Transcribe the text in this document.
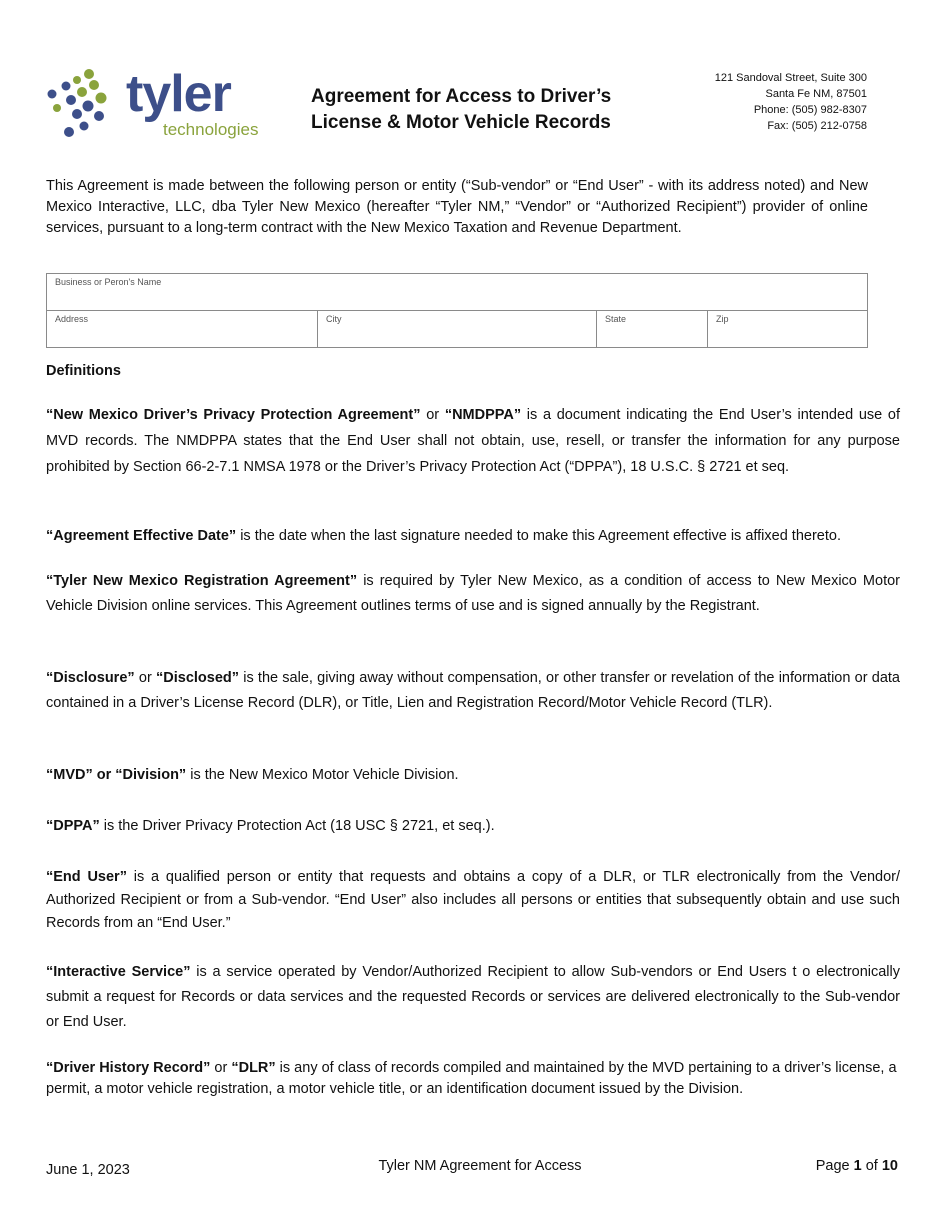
tyler
technologies
Agreement for Access to Driver’s
License & Motor Vehicle Records
121 Sandoval Street, Suite 300
Santa Fe NM, 87501
Phone: (505) 982-8307
Fax: (505) 212-0758
This Agreement is made between the following person or entity (“Sub-vendor” or “End User” - with its address noted) and New Mexico Interactive, LLC, dba Tyler New Mexico (hereafter “Tyler NM,” “Vendor” or “Authorized Recipient”) provider of online services, pursuant to a long-term contract with the New Mexico Taxation and Revenue Department.
Business or Peron's Name
Address	City	State	Zip
Definitions

“New Mexico Driver’s Privacy Protection Agreement” or “NMDPPA” is a document indicating the End User’s intended use of MVD records. The NMDPPA states that the End User shall not obtain, use, resell, or transfer the information for any purpose prohibited by Section 66-2-7.1 NMSA 1978 or the Driver’s Privacy Protection Act (“DPPA”), 18 U.S.C. § 2721 et seq.

“Agreement Effective Date” is the date when the last signature needed to make this Agreement effective is affixed thereto.

“Tyler New Mexico Registration Agreement” is required by Tyler New Mexico, as a condition of access to New Mexico Motor Vehicle Division online services. This Agreement outlines terms of use and is signed annually by the Registrant.

“Disclosure” or “Disclosed” is the sale, giving away without compensation, or other transfer or revelation of the information or data contained in a Driver’s License Record (DLR), or Title, Lien and Registration Record/Motor Vehicle Record (TLR).

“MVD” or “Division” is the New Mexico Motor Vehicle Division.

“DPPA” is the Driver Privacy Protection Act (18 USC § 2721, et seq.).

“End User” is a qualified person or entity that requests and obtains a copy of a DLR, or TLR electronically from the Vendor/ Authorized Recipient or from a Sub-vendor. “End User” also includes all persons or entities that subsequently obtain and use such Records from an “End User.”

“Interactive Service” is a service operated by Vendor/Authorized Recipient to allow Sub-vendors or End Users t o electronically submit a request for Records or data services and the requested Records or services are delivered electronically to the Sub-vendor or End User.

“Driver History Record” or “DLR” is any of class of records compiled and maintained by the MVD pertaining to a driver’s license, a permit, a motor vehicle registration, a motor vehicle title, or an identification document issued by the Division.

June 1, 2023	Tyler NM Agreement for Access	Page 1 of 10
